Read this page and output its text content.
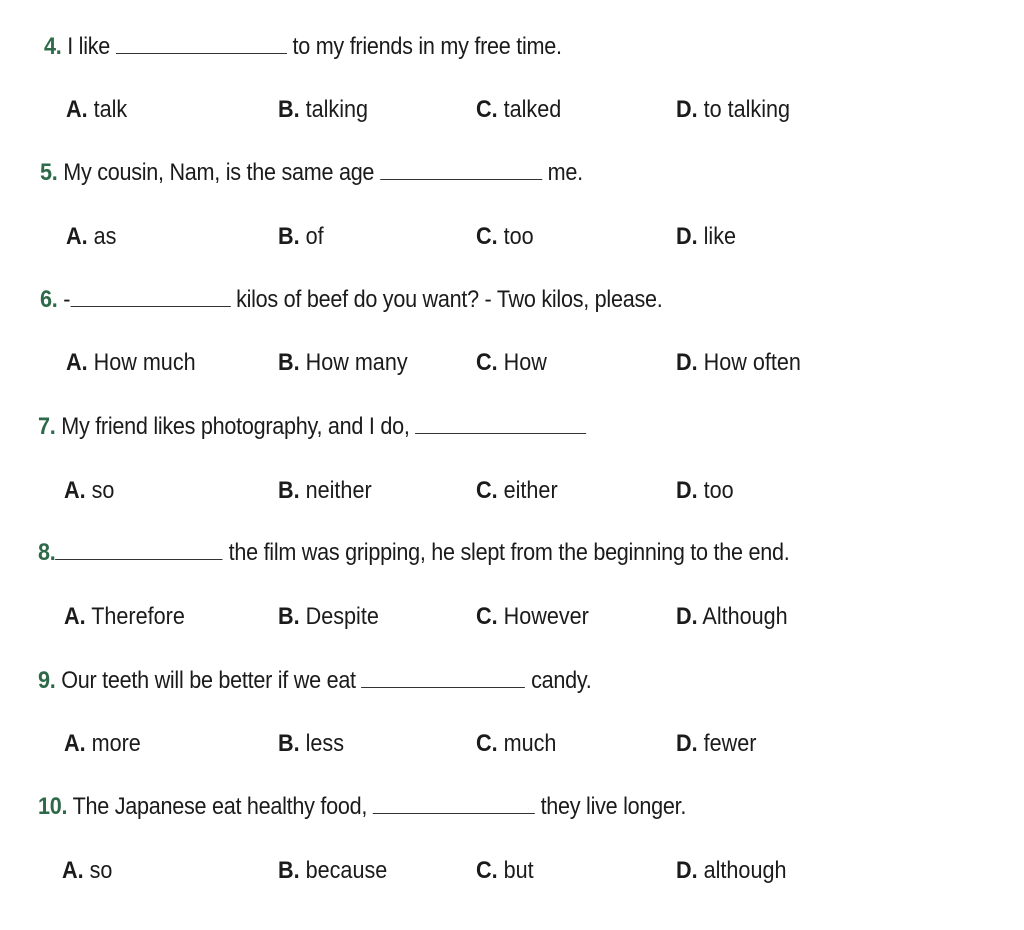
4. I like	to my friends in my free time.
A. talk	B. talking	C. talked	D. to talking
5. My cousin, Nam, is the same age	me.
A. as	B. of	C. too	D. like
6. -	kilos of beef do you want? - Two kilos, please.
A. How much	B. How many	C. How	D. How often
7. My friend likes photography, and I do,
A. so	B. neither	C. either	D. too
8.	the film was gripping, he slept from the beginning to the end.
A. Therefore	B. Despite	C. However	D. Although
9. Our teeth will be better if we eat	candy.
A. more	B. less	C. much	D. fewer
10. The Japanese eat healthy food,	they live longer.
A. so	B. because	C. but	D. although
